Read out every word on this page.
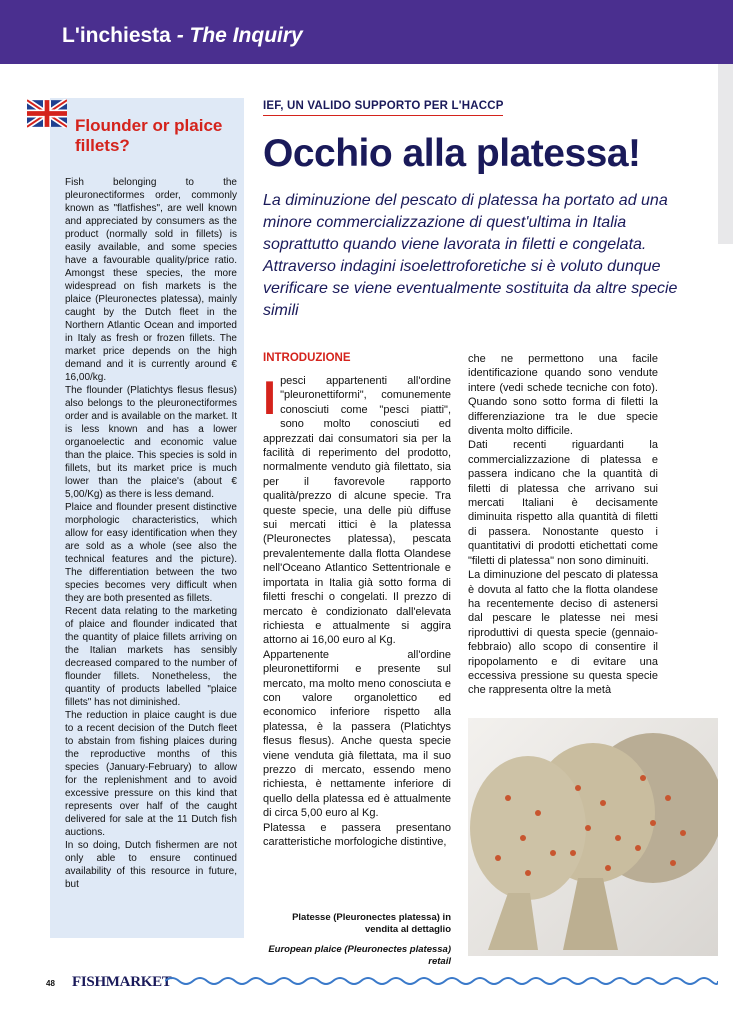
L'inchiesta - The Inquiry
Flounder or plaice fillets?

Fish belonging to the pleuronectiformes order, commonly known as "flatfishes", are well known and appreciated by consumers as the product (normally sold in fillets) is easily available, and some species have a favourable quality/price ratio. Amongst these species, the more widespread on fish markets is the plaice (Pleuronectes platessa), mainly caught by the Dutch fleet in the Northern Atlantic Ocean and imported in Italy as fresh or frozen fillets. The market price depends on the high demand and it is currently around € 16,00/kg.

The flounder (Platichtys flesus flesus) also belongs to the pleuronectiformes order and is available on the market. It is less known and has a lower organoelectic and economic value than the plaice. This species is sold in fillets, but its market price is much lower than the plaice's (about € 5,00/Kg) as there is less demand.

Plaice and flounder present distinctive morphologic characteristics, which allow for easy identification when they are sold as a whole (see also the technical features and the picture). The differentiation between the two species becomes very difficult when they are both presented as fillets.

Recent data relating to the marketing of plaice and flounder indicated that the quantity of plaice fillets arriving on the Italian markets has sensibly decreased compared to the number of flounder fillets. Nonetheless, the quantity of products labelled "plaice fillets" has not diminished.

The reduction in plaice caught is due to a recent decision of the Dutch fleet to abstain from fishing plaices during the reproductive months of this species (January-February) to allow for the replenishment and to avoid excessive pressure on this kind that represents over half of the caught delivered for sale at the 11 Dutch fish auctions.

In so doing, Dutch fishermen are not only able to ensure continued availability of this resource in future, but

IEF, UN VALIDO SUPPORTO PER L'HACCP
Occhio alla platessa!
La diminuzione del pescato di platessa ha portato ad una minore commercializzazione di quest'ultima in Italia soprattutto quando viene lavorata in filetti e congelata. Attraverso indagini isoelettroforetiche si è voluto dunque verificare se viene eventualmente sostituita da altre specie simili
INTRODUZIONE

Ipesci appartenenti all'ordine "pleuronettiformi", comunemente conosciuti come "pesci piatti", sono molto conosciuti ed apprezzati dai consumatori sia per la facilità di reperimento del prodotto, normalmente venduto già filettato, sia per il favorevole rapporto qualità/prezzo di alcune specie. Tra queste specie, una delle più diffuse sui mercati ittici è la platessa (Pleuronectes platessa), pescata prevalentemente dalla flotta Olandese nell'Oceano Atlantico Settentrionale e importata in Italia già sotto forma di filetti freschi o congelati. Il prezzo di mercato è condizionato dall'elevata richiesta e attualmente si aggira attorno ai 16,00 euro al Kg.

Appartenente all'ordine pleuronettiformi e presente sul mercato, ma molto meno conosciuta e con valore organolettico ed economico inferiore rispetto alla platessa, è la passera (Platichtys flesus flesus). Anche questa specie viene venduta già filettata, ma il suo prezzo di mercato, essendo meno richiesta, è nettamente inferiore di quello della platessa ed è attualmente di circa 5,00 euro al Kg.

Platessa e passera presentano caratteristiche morfologiche distintive,

che ne permettono una facile identificazione quando sono vendute intere (vedi schede tecniche con foto). Quando sono sotto forma di filetti la differenziazione tra le due specie diventa molto difficile.

Dati recenti riguardanti la commercializzazione di platessa e passera indicano che la quantità di filetti di platessa che arrivano sui mercati Italiani è decisamente diminuita rispetto alla quantità di filetti di passera. Nonostante questo i quantitativi di prodotti etichettati come "filetti di platessa" non sono diminuiti.

La diminuzione del pescato di platessa è dovuta al fatto che la flotta olandese ha recentemente deciso di astenersi dal pescare le platesse nei mesi riproduttivi di questa specie (gennaio-febbraio) allo scopo di consentire il ripopolamento e di evitare una eccessiva pressione su questa specie che rappresenta oltre la metà

Platesse (Pleuronectes platessa) in vendita al dettaglio
European plaice (Pleuronectes platessa) retail
48 FISHMARKET
